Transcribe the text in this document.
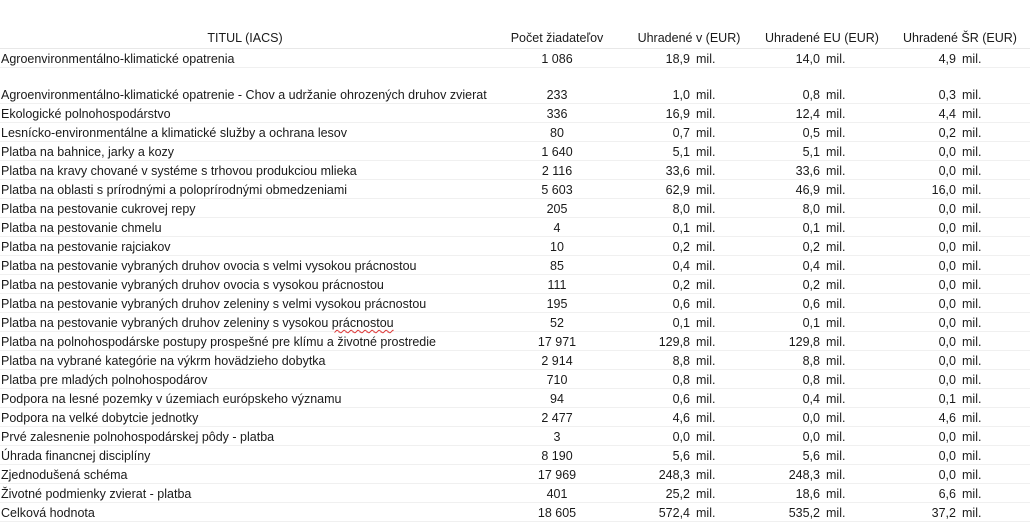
TITUL (IACS)	Počet žiadateľov	Uhradené v (EUR)	Uhradené EU (EUR)	Uhradené ŠR (EUR)
Agroenvironmentálno-klimatické opatrenia	1 086	18,9 mil.	14,0 mil.	4,9 mil.
Agroenvironmentálno-klimatické opatrenie - Chov a udržanie ohrozených druhov zvierat	233	1,0 mil.	0,8 mil.	0,3 mil.
Ekologické polnohospodárstvo	336	16,9 mil.	12,4 mil.	4,4 mil.
Lesnícko-environmentálne a klimatické služby a ochrana lesov	80	0,7 mil.	0,5 mil.	0,2 mil.
Platba na bahnice, jarky a kozy	1 640	5,1 mil.	5,1 mil.	0,0 mil.
Platba na kravy chované v systéme s trhovou produkciou mlieka	2 116	33,6 mil.	33,6 mil.	0,0 mil.
Platba na oblasti s prírodnými a poloprírodnými obmedzeniami	5 603	62,9 mil.	46,9 mil.	16,0 mil.
Platba na pestovanie cukrovej repy	205	8,0 mil.	8,0 mil.	0,0 mil.
Platba na pestovanie chmelu	4	0,1 mil.	0,1 mil.	0,0 mil.
Platba na pestovanie rajciakov	10	0,2 mil.	0,2 mil.	0,0 mil.
Platba na pestovanie vybraných druhov ovocia s velmi vysokou prácnostou	85	0,4 mil.	0,4 mil.	0,0 mil.
Platba na pestovanie vybraných druhov ovocia s vysokou prácnostou	111	0,2 mil.	0,2 mil.	0,0 mil.
Platba na pestovanie vybraných druhov zeleniny s velmi vysokou prácnostou	195	0,6 mil.	0,6 mil.	0,0 mil.
Platba na pestovanie vybraných druhov zeleniny s vysokou prácnostou	52	0,1 mil.	0,1 mil.	0,0 mil.
Platba na polnohospodárske postupy prospešné pre klímu a životné prostredie	17 971	129,8 mil.	129,8 mil.	0,0 mil.
Platba na vybrané kategórie na výkrm hovädzieho dobytka	2 914	8,8 mil.	8,8 mil.	0,0 mil.
Platba pre mladých polnohospodárov	710	0,8 mil.	0,8 mil.	0,0 mil.
Podpora na lesné pozemky v územiach európskeho významu	94	0,6 mil.	0,4 mil.	0,1 mil.
Podpora na velké dobytcie jednotky	2 477	4,6 mil.	0,0 mil.	4,6 mil.
Prvé zalesnenie polnohospodárskej pôdy - platba	3	0,0 mil.	0,0 mil.	0,0 mil.
Úhrada financnej disciplíny	8 190	5,6 mil.	5,6 mil.	0,0 mil.
Zjednodušená schéma	17 969	248,3 mil.	248,3 mil.	0,0 mil.
Životné podmienky zvierat - platba	401	25,2 mil.	18,6 mil.	6,6 mil.
Celková hodnota	18 605	572,4 mil.	535,2 mil.	37,2 mil.
